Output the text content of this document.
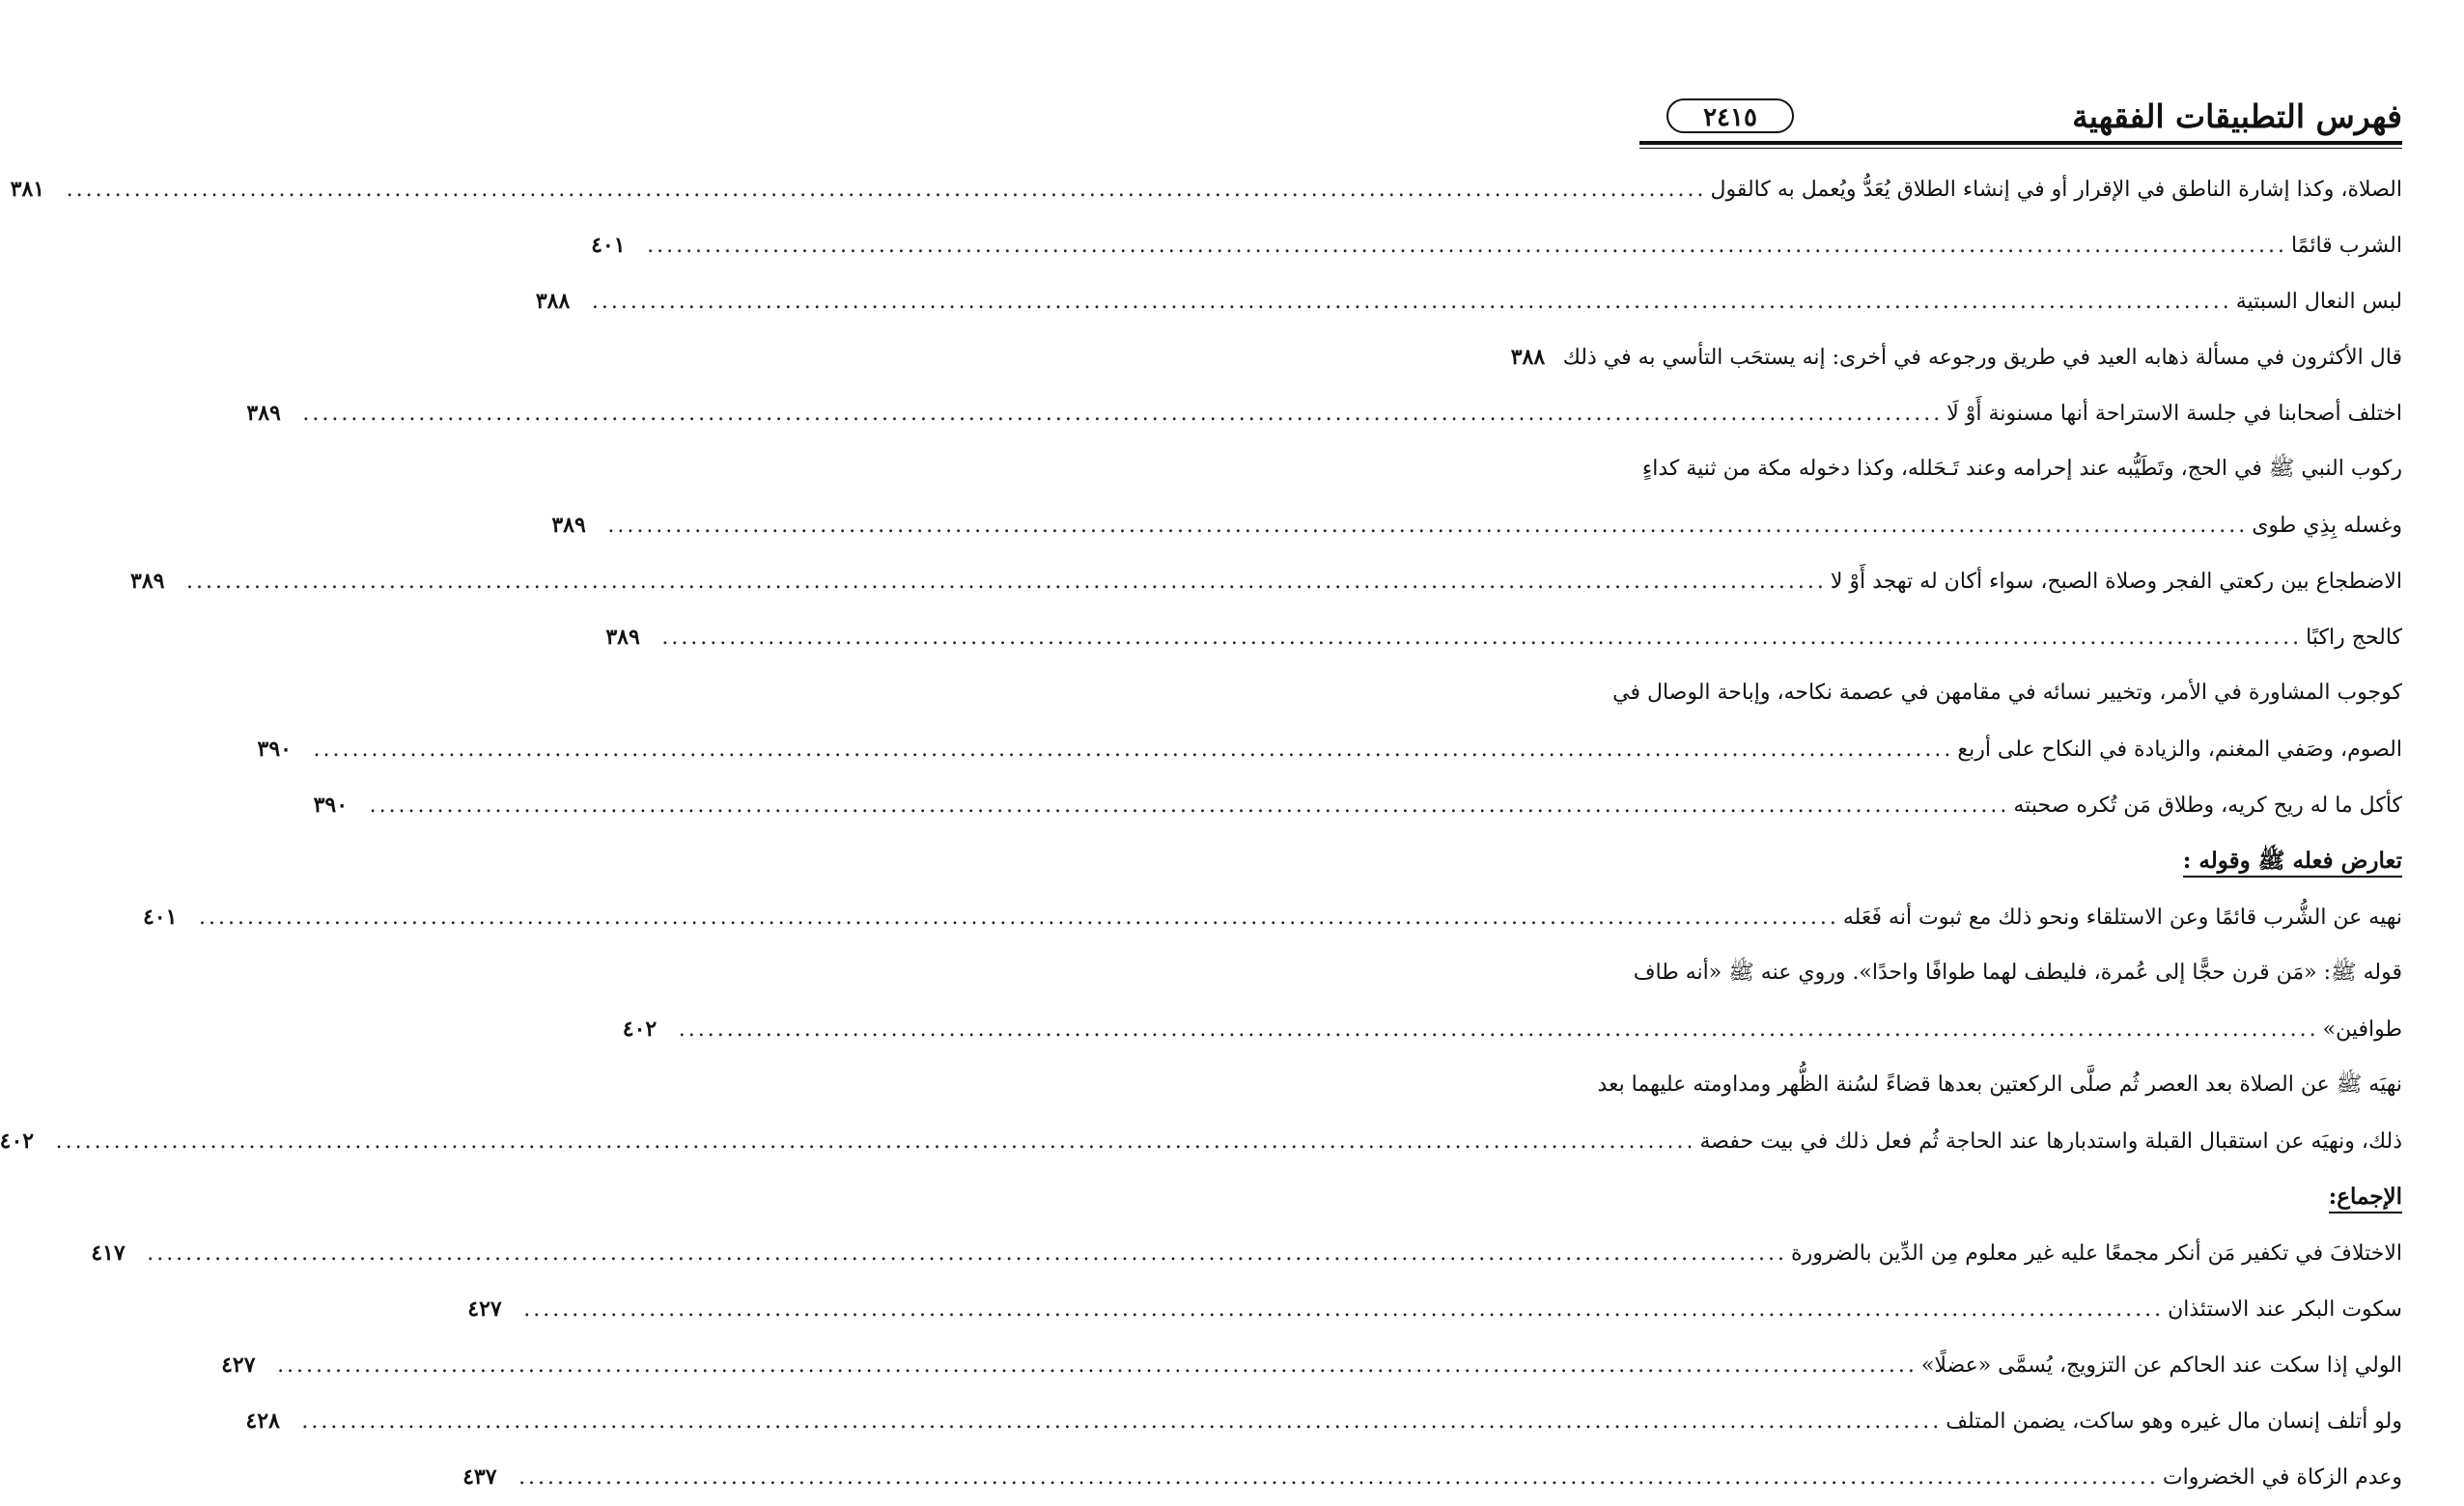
فهرس التطبيقات الفقهية
٢٤١٥
الصلاة، وكذا إشارة الناطق في الإقرار أو في إنشاء الطلاق يُعَدُّ ويُعمل به كالقول
.....
٣٨١
الشرب قائمًا
.....
٤٠١
لبس النعال السبتية
.....
٣٨٨
قال الأكثرون في مسألة ذهابه العيد في طريق ورجوعه في أخرى: إنه يستحَب التأسي به في ذلك
٣٨٨
اختلف أصحابنا في جلسة الاستراحة أنها مسنونة أَوْ لَا
.....
٣٨٩
ركوب النبي ﷺ في الحج، وتَطَيُّبه عند إحرامه وعند تَـحَلله، وكذا دخوله مكة من ثنية كداءٍ
وغسله بِذِي طوى
.....
٣٨٩
الاضطجاع بين ركعتي الفجر وصلاة الصبح، سواء أكان له تهجد أَوْ لا
.....
٣٨٩
كالحج راكبًا
.....
٣٨٩
كوجوب المشاورة في الأمر، وتخيير نسائه في مقامهن في عصمة نكاحه، وإباحة الوصال في
الصوم، وصَفي المغنم، والزيادة في النكاح على أربع
.....
٣٩٠
كأكل ما له ريح كريه، وطلاق مَن تُكره صحبته
.....
٣٩٠
تعارض فعله ﷺ وقوله :
نهيه عن الشُّرب قائمًا وعن الاستلقاء ونحو ذلك مع ثبوت أنه فَعَله
.....
٤٠١
قوله ﷺ: «مَن قرن حجًّا إلى عُمرة، فليطف لهما طوافًا واحدًا». وروي عنه ﷺ «أنه طاف
طوافين»
.....
٤٠٢
نهيَه ﷺ عن الصلاة بعد العصر ثُم صلَّى الركعتين بعدها قضاءً لسُنة الظُّهر ومداومته عليهما بعد
ذلك، ونهيَه عن استقبال القبلة واستدبارها عند الحاجة ثُم فعل ذلك في بيت حفصة
.....
٤٠٢
الإجماع:
الاختلافَ في تكفير مَن أنكر مجمعًا عليه غير معلوم مِن الدِّين بالضرورة
.....
٤١٧
سكوت البكر عند الاستئذان
.....
٤٢٧
الولي إذا سكت عند الحاكم عن التزويج، يُسمَّى «عضلًا»
.....
٤٢٧
ولو أتلف إنسان مال غيره وهو ساكت، يضمن المتلف
.....
٤٢٨
وعدم الزكاة في الخضروات
.....
٤٣٧
